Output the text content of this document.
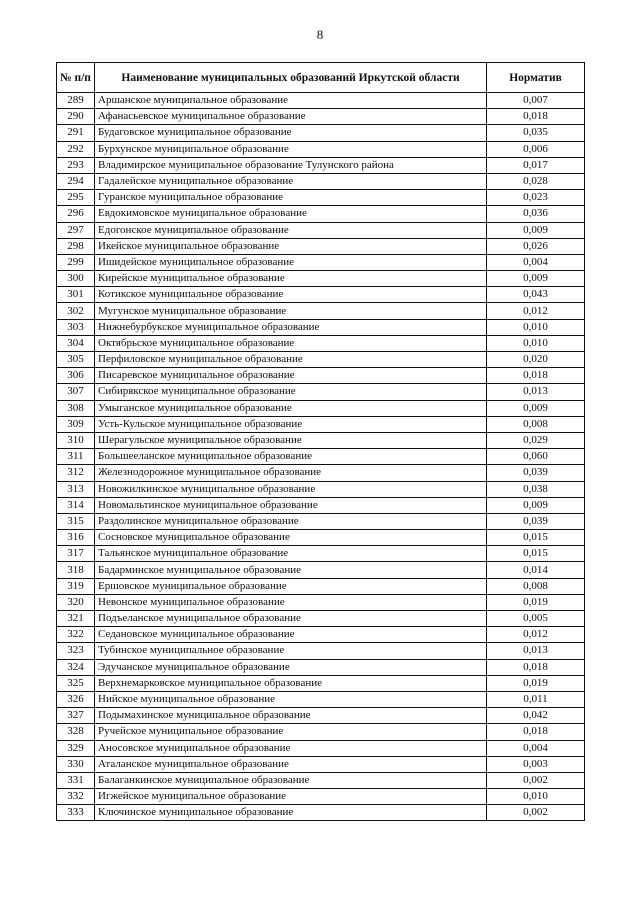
8
№ п/п	Наименование муниципальных образований Иркутской области	Норматив
289	Аршанское муниципальное образование	0,007
290	Афанасьевское муниципальное образование	0,018
291	Будаговское муниципальное образование	0,035
292	Бурхунское муниципальное образование	0,006
293	Владимирское муниципальное образование Тулунского района	0,017
294	Гадалейское муниципальное образование	0,028
295	Гуранское муниципальное образование	0,023
296	Евдокимовское муниципальное образование	0,036
297	Едогонское муниципальное образование	0,009
298	Икейское муниципальное образование	0,026
299	Ишидейское муниципальное образование	0,004
300	Кирейское муниципальное образование	0,009
301	Котикское муниципальное образование	0,043
302	Мугунское муниципальное образование	0,012
303	Нижнебурбукское муниципальное образование	0,010
304	Октябрьское муниципальное образование	0,010
305	Перфиловское муниципальное образование	0,020
306	Писаревское муниципальное образование	0,018
307	Сибирякское муниципальное образование	0,013
308	Умыганское муниципальное образование	0,009
309	Усть-Кульское муниципальное образование	0,008
310	Шерагульское муниципальное образование	0,029
311	Большееланское муниципальное образование	0,060
312	Железнодорожное муниципальное образование	0,039
313	Новожилкинское муниципальное образование	0,038
314	Новомальтинское муниципальное образование	0,009
315	Раздолинское муниципальное образование	0,039
316	Сосновское муниципальное образование	0,015
317	Тальянское муниципальное образование	0,015
318	Бадарминское муниципальное образование	0,014
319	Ершовское муниципальное образование	0,008
320	Невонское муниципальное образование	0,019
321	Подъеланское муниципальное образование	0,005
322	Седановское муниципальное образование	0,012
323	Тубинское муниципальное образование	0,013
324	Эдучанское муниципальное образование	0,018
325	Верхнемарковское муниципальное образование	0,019
326	Нийское муниципальное образование	0,011
327	Подымахинское муниципальное образование	0,042
328	Ручейское муниципальное образование	0,018
329	Аносовское муниципальное образование	0,004
330	Аталанское муниципальное образование	0,003
331	Балаганкинское муниципальное образование	0,002
332	Игжейское муниципальное образование	0,010
333	Ключинское муниципальное образование	0,002
